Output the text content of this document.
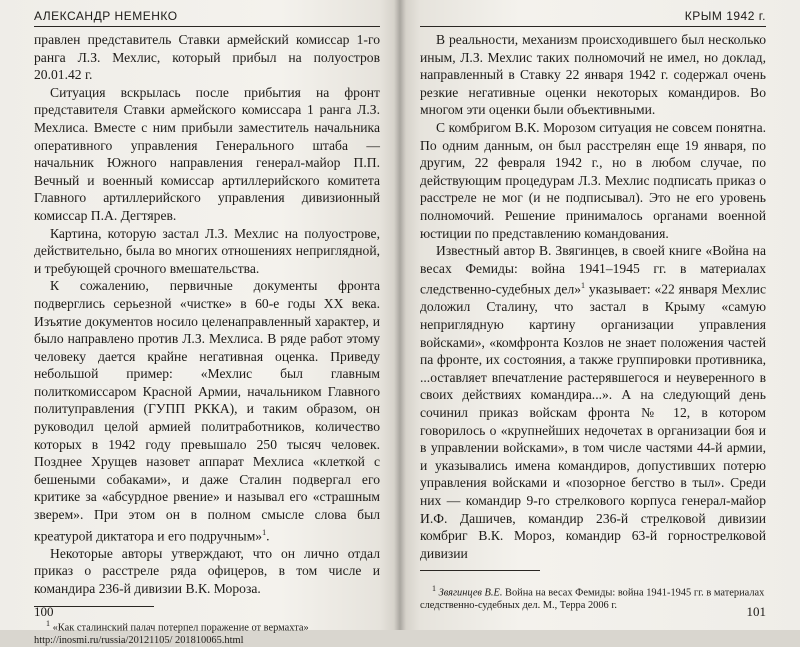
АЛЕКСАНДР НЕМЕНКО

правлен представитель Ставки армейский комиссар 1-го ранга Л.З. Мехлис, который прибыл на полуостров 20.01.42 г.

Ситуация вскрылась после прибытия на фронт представителя Ставки армейского комиссара 1 ранга Л.З. Мехлиса. Вместе с ним прибыли заместитель начальника оперативного управления Генерального штаба — начальник Южного направления генерал-майор П.П. Вечный и военный комиссар артиллерийского комитета Главного артиллерийского управления дивизионный комиссар П.А. Дегтярев.

Картина, которую застал Л.З. Мехлис на полуострове, действительно, была во многих отношениях неприглядной, и требующей срочного вмешательства.

К сожалению, первичные документы фронта подверглись серьезной «чистке» в 60-е годы XX века. Изъятие документов носило целенаправленный характер, и было направлено против Л.З. Мехлиса. В ряде работ этому человеку дается крайне негативная оценка. Приведу небольшой пример: «Мехлис был главным политкомиссаром Красной Армии, начальником Главного политуправления (ГУПП РККА), и таким образом, он руководил целой армией политработников, количество которых в 1942 году превышало 250 тысяч человек. Позднее Хрущев назовет аппарат Мехлиса «клеткой с бешеными собаками», и даже Сталин подвергал его критике за «абсурдное рвение» и называл его «страшным зверем». При этом он в полном смысле слова был креатурой диктатора и его подручным»$^1$.

Некоторые авторы утверждают, что он лично отдал приказ о расстреле ряда офицеров, в том числе и командира 236-й дивизии В.К. Мороза.

$^1$ «Как сталинский палач потерпел поражение от вермахта» http://inosmi.ru/russia/20121105/ 201810065.html

100
КРЫМ 1942 г.

В реальности, механизм происходившего был несколько иным, Л.З. Мехлис таких полномочий не имел, но доклад, направленный в Ставку 22 января 1942 г. содержал очень резкие негативные оценки некоторых командиров. Во многом эти оценки были объективными.

С комбригом В.К. Морозом ситуация не совсем понятна. По одним данным, он был расстрелян еще 19 января, по другим, 22 февраля 1942 г., но в любом случае, по действующим процедурам Л.З. Мехлис подписать приказ о расстреле не мог (и не подписывал). Это не его уровень полномочий. Решение принималось органами военной юстиции по представлению командования.

Известный автор В. Звягинцев, в своей книге «Война на весах Фемиды: война 1941–1945 гг. в материалах следственно-судебных дел»$^1$ указывает: «22 января Мехлис доложил Сталину, что застал в Крыму «самую неприглядную картину организации управления войсками», «комфронта Козлов не знает положения частей па фронте, их состояния, а также группировки противника, ...оставляет впечатление растерявшегося и неуверенного в своих действиях командира...». А на следующий день сочинил приказ войскам фронта № 12, в котором говорилось о «крупнейших недочетах в организации боя и в управлении войсками», в том числе частями 44-й армии, и указывались имена командиров, допустивших потерю управления войсками и «позорное бегство в тыл». Среди них — командир 9-го стрелкового корпуса генерал-майор И.Ф. Дашичев, командир 236-й стрелковой дивизии комбриг В.К. Мороз, командир 63-й горнострелковой дивизии

$^1$ Звягинцев В.Е. Война на весах Фемиды: война 1941-1945 гг. в материалах следственно-судебных дел. М., Терра 2006 г.	101
